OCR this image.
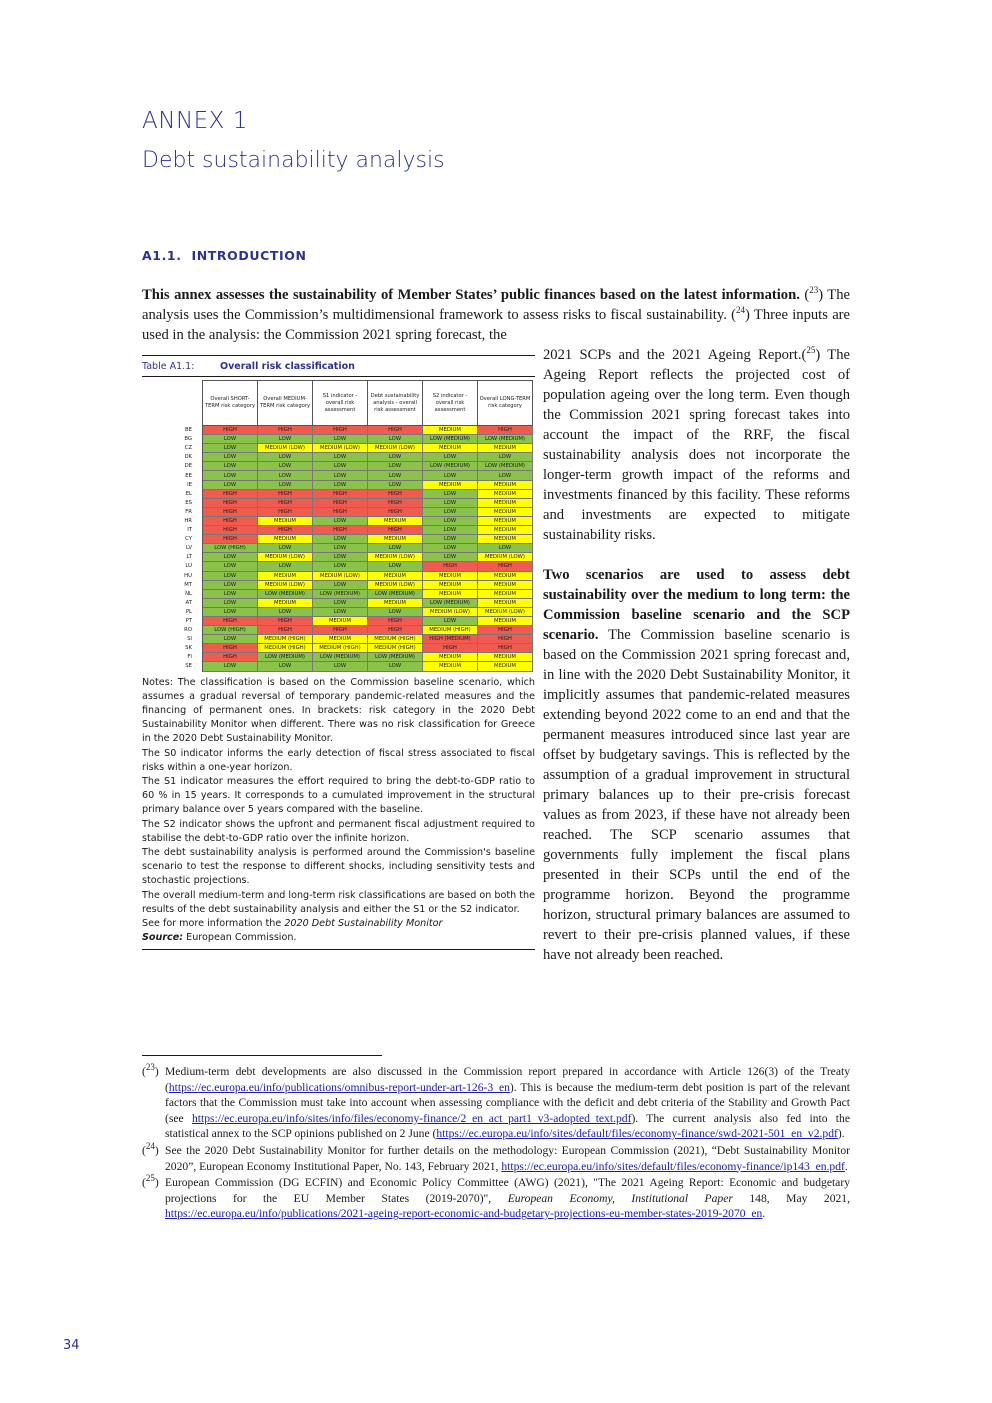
ANNEX 1
Debt sustainability analysis
A1.1. INTRODUCTION

This annex assesses the sustainability of Member States’ public finances based on the latest information. ($^{23}$) The analysis uses the Commission’s multidimensional framework to assess risks to fiscal sustainability. ($^{24}$) Three inputs are used in the analysis: the Commission 2021 spring forecast, the

2021 SCPs and the 2021 Ageing Report.($^{25}$) The Ageing Report reflects the projected cost of population ageing over the long term. Even though the Commission 2021 spring forecast takes into account the impact of the RRF, the fiscal sustainability analysis does not incorporate the longer-term growth impact of the reforms and investments financed by this facility. These reforms and investments are expected to mitigate sustainability risks.

Two scenarios are used to assess debt sustainability over the medium to long term: the Commission baseline scenario and the SCP scenario. The Commission baseline scenario is based on the Commission 2021 spring forecast and, in line with the 2020 Debt Sustainability Monitor, it implicitly assumes that pandemic-related measures extending beyond 2022 come to an end and that the permanent measures introduced since last year are offset by budgetary savings. This is reflected by the assumption of a gradual improvement in structural primary balances up to their pre-crisis forecast values as from 2023, if these have not already been reached. The SCP scenario assumes that governments fully implement the fiscal plans presented in their SCPs until the end of the programme horizon. Beyond the programme horizon, structural primary balances are assumed to revert to their pre-crisis planned values, if these have not already been reached.

Table A1.1:	Overall risk classification
	Overall SHORT-TERM risk category	Overall MEDIUM-TERM risk category	S1 indicator - overall risk assessment	Debt sustainability analysis - overall risk assessment	S2 indicator - overall risk assessment	Overall LONG-TERM risk category
BE	HIGH	HIGH	HIGH	HIGH	MEDIUM	HIGH
BG	LOW	LOW	LOW	LOW	LOW (MEDIUM)	LOW (MEDIUM)
CZ	LOW	MEDIUM (LOW)	MEDIUM (LOW)	MEDIUM (LOW)	MEDIUM	MEDIUM
DK	LOW	LOW	LOW	LOW	LOW	LOW
DE	LOW	LOW	LOW	LOW	LOW (MEDIUM)	LOW (MEDIUM)
EE	LOW	LOW	LOW	LOW	LOW	LOW
IE	LOW	LOW	LOW	LOW	MEDIUM	MEDIUM
EL	HIGH	HIGH	HIGH	HIGH	LOW	MEDIUM
ES	HIGH	HIGH	HIGH	HIGH	LOW	MEDIUM
FR	HIGH	HIGH	HIGH	HIGH	LOW	MEDIUM
HR	HIGH	MEDIUM	LOW	MEDIUM	LOW	MEDIUM
IT	HIGH	HIGH	HIGH	HIGH	LOW	MEDIUM
CY	HIGH	MEDIUM	LOW	MEDIUM	LOW	MEDIUM
LV	LOW (HIGH)	LOW	LOW	LOW	LOW	LOW
LT	LOW	MEDIUM (LOW)	LOW	MEDIUM (LOW)	LOW	MEDIUM (LOW)
LU	LOW	LOW	LOW	LOW	HIGH	HIGH
HU	LOW	MEDIUM	MEDIUM (LOW)	MEDIUM	MEDIUM	MEDIUM
MT	LOW	MEDIUM (LOW)	LOW	MEDIUM (LOW)	MEDIUM	MEDIUM
NL	LOW	LOW (MEDIUM)	LOW (MEDIUM)	LOW (MEDIUM)	MEDIUM	MEDIUM
AT	LOW	MEDIUM	LOW	MEDIUM	LOW (MEDIUM)	MEDIUM
PL	LOW	LOW	LOW	LOW	MEDIUM (LOW)	MEDIUM (LOW)
PT	HIGH	HIGH	MEDIUM	HIGH	LOW	MEDIUM
RO	LOW (HIGH)	HIGH	HIGH	HIGH	MEDIUM (HIGH)	HIGH
SI	LOW	MEDIUM (HIGH)	MEDIUM	MEDIUM (HIGH)	HIGH (MEDIUM)	HIGH
SK	HIGH	MEDIUM (HIGH)	MEDIUM (HIGH)	MEDIUM (HIGH)	HIGH	HIGH
FI	HIGH	LOW (MEDIUM)	LOW (MEDIUM)	LOW (MEDIUM)	MEDIUM	MEDIUM
SE	LOW	LOW	LOW	LOW	MEDIUM	MEDIUM

Notes: The classification is based on the Commission baseline scenario, which assumes a gradual reversal of temporary pandemic-related measures and the financing of permanent ones. In brackets: risk category in the 2020 Debt Sustainability Monitor when different. There was no risk classification for Greece in the 2020 Debt Sustainability Monitor.

The S0 indicator informs the early detection of fiscal stress associated to fiscal risks within a one-year horizon.

The S1 indicator measures the effort required to bring the debt-to-GDP ratio to 60 % in 15 years. It corresponds to a cumulated improvement in the structural primary balance over 5 years compared with the baseline.

The S2 indicator shows the upfront and permanent fiscal adjustment required to stabilise the debt-to-GDP ratio over the infinite horizon.

The debt sustainability analysis is performed around the Commission's baseline scenario to test the response to different shocks, including sensitivity tests and stochastic projections.

The overall medium-term and long-term risk classifications are based on both the results of the debt sustainability analysis and either the S1 or the S2 indicator.

See for more information the 2020 Debt Sustainability Monitor

Source: European Commission.

($^{23}$) Medium-term debt developments are also discussed in the Commission report prepared in accordance with Article 126(3) of the Treaty (https://ec.europa.eu/info/publications/omnibus-report-under-art-126-3_en). This is because the medium-term debt position is part of the relevant factors that the Commission must take into account when assessing compliance with the deficit and debt criteria of the Stability and Growth Pact (see https://ec.europa.eu/info/sites/info/files/economy-finance/2_en_act_part1_v3-adopted_text.pdf). The current analysis also fed into the statistical annex to the SCP opinions published on 2 June (https://ec.europa.eu/info/sites/default/files/economy-finance/swd-2021-501_en_v2.pdf).
($^{24}$) See the 2020 Debt Sustainability Monitor for further details on the methodology: European Commission (2021), “Debt Sustainability Monitor 2020”, European Economy Institutional Paper, No. 143, February 2021, https://ec.europa.eu/info/sites/default/files/economy-finance/ip143_en.pdf.
($^{25}$) European Commission (DG ECFIN) and Economic Policy Committee (AWG) (2021), "The 2021 Ageing Report: Economic and budgetary projections for the EU Member States (2019-2070)", European Economy, Institutional Paper 148, May 2021, https://ec.europa.eu/info/publications/2021-ageing-report-economic-and-budgetary-projections-eu-member-states-2019-2070_en.
34
